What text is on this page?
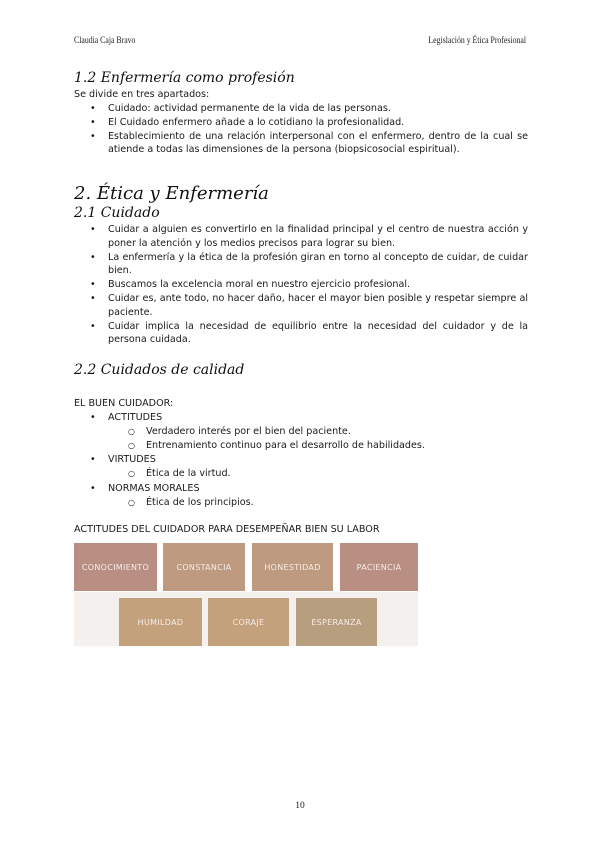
Claudia Caja Bravo	Legislación y Ética Profesional
1.2 Enfermería como profesión
Se divide en tres apartados:
• Cuidado: actividad permanente de la vida de las personas.
• El Cuidado enfermero añade a lo cotidiano la profesionalidad.
• Establecimiento de una relación interpersonal con el enfermero, dentro de la cual se atiende a todas las dimensiones de la persona (biopsicosocial espiritual).
2. Ética y Enfermería
2.1 Cuidado
• Cuidar a alguien es convertirlo en la finalidad principal y el centro de nuestra acción y poner la atención y los medios precisos para lograr su bien.
• La enfermería y la ética de la profesión giran en torno al concepto de cuidar, de cuidar bien.
• Buscamos la excelencia moral en nuestro ejercicio profesional.
• Cuidar es, ante todo, no hacer daño, hacer el mayor bien posible y respetar siempre al paciente.
• Cuidar implica la necesidad de equilibrio entre la necesidad del cuidador y de la persona cuidada.
2.2 Cuidados de calidad
EL BUEN CUIDADOR:
• ACTITUDES
○ Verdadero interés por el bien del paciente.
○ Entrenamiento continuo para el desarrollo de habilidades.
• VIRTUDES
○ Ética de la virtud.
• NORMAS MORALES
○ Ética de los principios.
ACTITUDES DEL CUIDADOR PARA DESEMPEÑAR BIEN SU LABOR
CONOCIMIENTO	CONSTANCIA	HONESTIDAD	PACIENCIA
HUMILDAD	CORAJE	ESPERANZA
10
